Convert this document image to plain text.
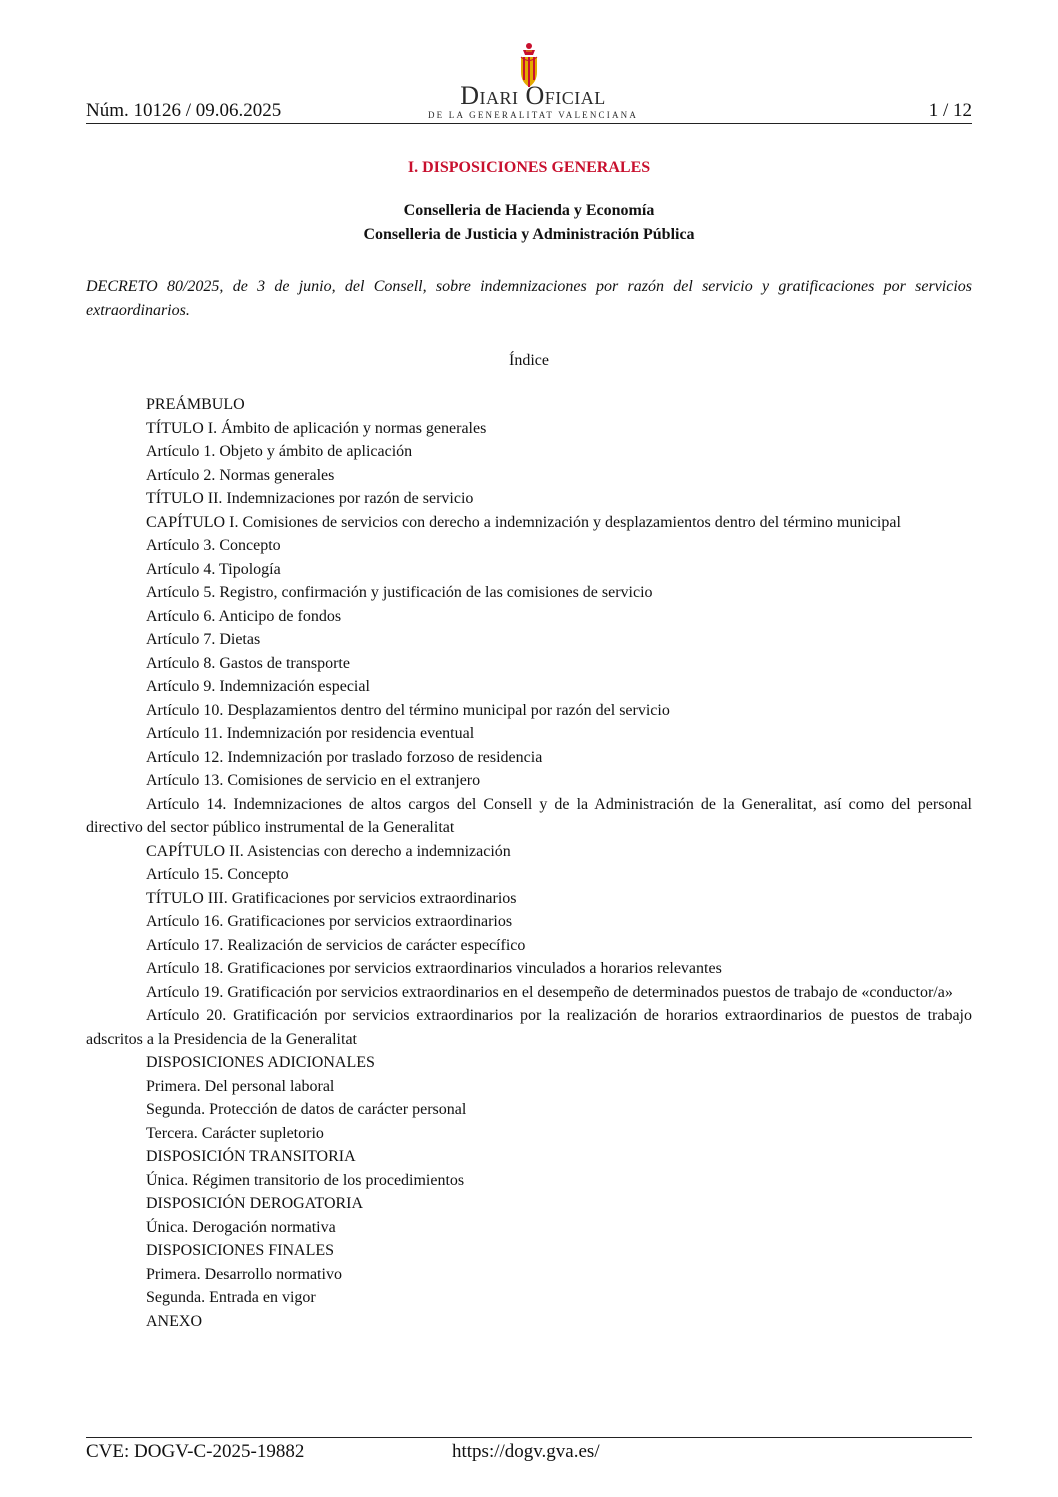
Núm. 10126 / 09.06.2025
Diari Oficial
DE LA GENERALITAT VALENCIANA	1 / 12
I. DISPOSICIONES GENERALES
Conselleria de Hacienda y Economía
Conselleria de Justicia y Administración Pública

DECRETO 80/2025, de 3 de junio, del Consell, sobre indemnizaciones por razón del servicio y gratificaciones por servicios extraordinarios.

Índice
PREÁMBULO
TÍTULO I. Ámbito de aplicación y normas generales
Artículo 1. Objeto y ámbito de aplicación
Artículo 2. Normas generales
TÍTULO II. Indemnizaciones por razón de servicio
CAPÍTULO I. Comisiones de servicios con derecho a indemnización y desplazamientos dentro del término municipal
Artículo 3. Concepto
Artículo 4. Tipología
Artículo 5. Registro, confirmación y justificación de las comisiones de servicio
Artículo 6. Anticipo de fondos
Artículo 7. Dietas
Artículo 8. Gastos de transporte
Artículo 9. Indemnización especial
Artículo 10. Desplazamientos dentro del término municipal por razón del servicio
Artículo 11. Indemnización por residencia eventual
Artículo 12. Indemnización por traslado forzoso de residencia
Artículo 13. Comisiones de servicio en el extranjero
Artículo 14. Indemnizaciones de altos cargos del Consell y de la Administración de la Generalitat, así como del personal directivo del sector público instrumental de la Generalitat
CAPÍTULO II. Asistencias con derecho a indemnización
Artículo 15. Concepto
TÍTULO III. Gratificaciones por servicios extraordinarios
Artículo 16. Gratificaciones por servicios extraordinarios
Artículo 17. Realización de servicios de carácter específico
Artículo 18. Gratificaciones por servicios extraordinarios vinculados a horarios relevantes
Artículo 19. Gratificación por servicios extraordinarios en el desempeño de determinados puestos de trabajo de «conductor/a»
Artículo 20. Gratificación por servicios extraordinarios por la realización de horarios extraordinarios de puestos de trabajo adscritos a la Presidencia de la Generalitat
DISPOSICIONES ADICIONALES
Primera. Del personal laboral
Segunda. Protección de datos de carácter personal
Tercera. Carácter supletorio
DISPOSICIÓN TRANSITORIA
Única. Régimen transitorio de los procedimientos
DISPOSICIÓN DEROGATORIA
Única. Derogación normativa
DISPOSICIONES FINALES
Primera. Desarrollo normativo
Segunda. Entrada en vigor
ANEXO
CVE: DOGV-C-2025-19882	https://dogv.gva.es/
